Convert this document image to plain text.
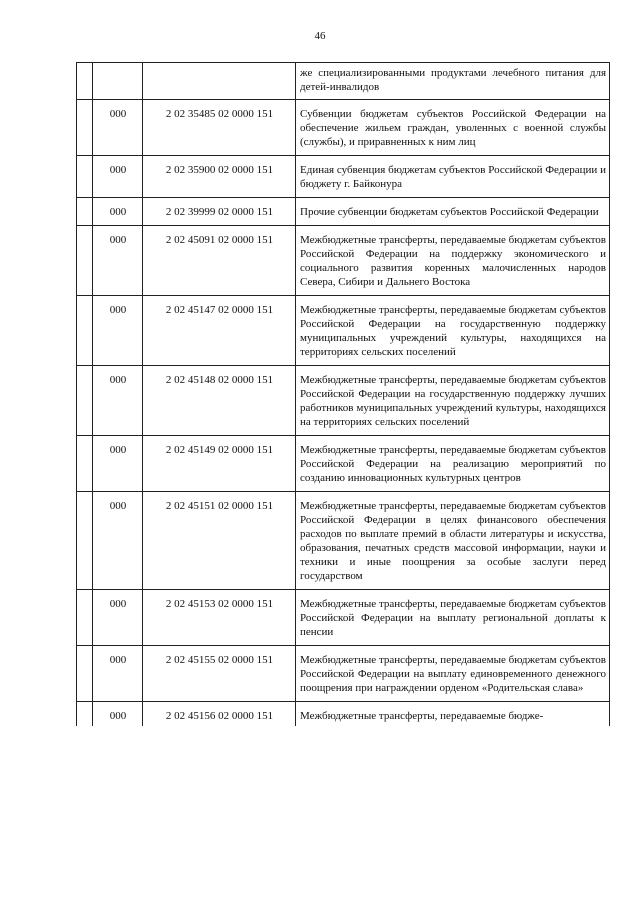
46
			же специализированными продуктами лечебного питания для детей-инвалидов
	000	2 02 35485 02 0000 151	Субвенции бюджетам субъектов Российской Федерации на обеспечение жильем граждан, уволенных с военной службы (службы), и приравненных к ним лиц
	000	2 02 35900 02 0000 151	Единая субвенция бюджетам субъектов Российской Федерации и бюджету г. Байконура
	000	2 02 39999 02 0000 151	Прочие субвенции бюджетам субъектов Российской Федерации
	000	2 02 45091 02 0000 151	Межбюджетные трансферты, передаваемые бюджетам субъектов Российской Федерации на поддержку экономического и социального развития коренных малочисленных народов Севера, Сибири и Дальнего Востока
	000	2 02 45147 02 0000 151	Межбюджетные трансферты, передаваемые бюджетам субъектов Российской Федерации на государственную поддержку муниципальных учреждений культуры, находящихся на территориях сельских поселений
	000	2 02 45148 02 0000 151	Межбюджетные трансферты, передаваемые бюджетам субъектов Российской Федерации на государственную поддержку лучших работников муниципальных учреждений культуры, находящихся на территориях сельских поселений
	000	2 02 45149 02 0000 151	Межбюджетные трансферты, передаваемые бюджетам субъектов Российской Федерации на реализацию мероприятий по созданию инновационных культурных центров
	000	2 02 45151 02 0000 151	Межбюджетные трансферты, передаваемые бюджетам субъектов Российской Федерации в целях финансового обеспечения расходов по выплате премий в области литературы и искусства, образования, печатных средств массовой информации, науки и техники и иные поощрения за особые заслуги перед государством
	000	2 02 45153 02 0000 151	Межбюджетные трансферты, передаваемые бюджетам субъектов Российской Федерации на выплату региональной доплаты к пенсии
	000	2 02 45155 02 0000 151	Межбюджетные трансферты, передаваемые бюджетам субъектов Российской Федерации на выплату единовременного денежного поощрения при награждении орденом «Родительская слава»
	000	2 02 45156 02 0000 151	Межбюджетные трансферты, передаваемые бюдже-
